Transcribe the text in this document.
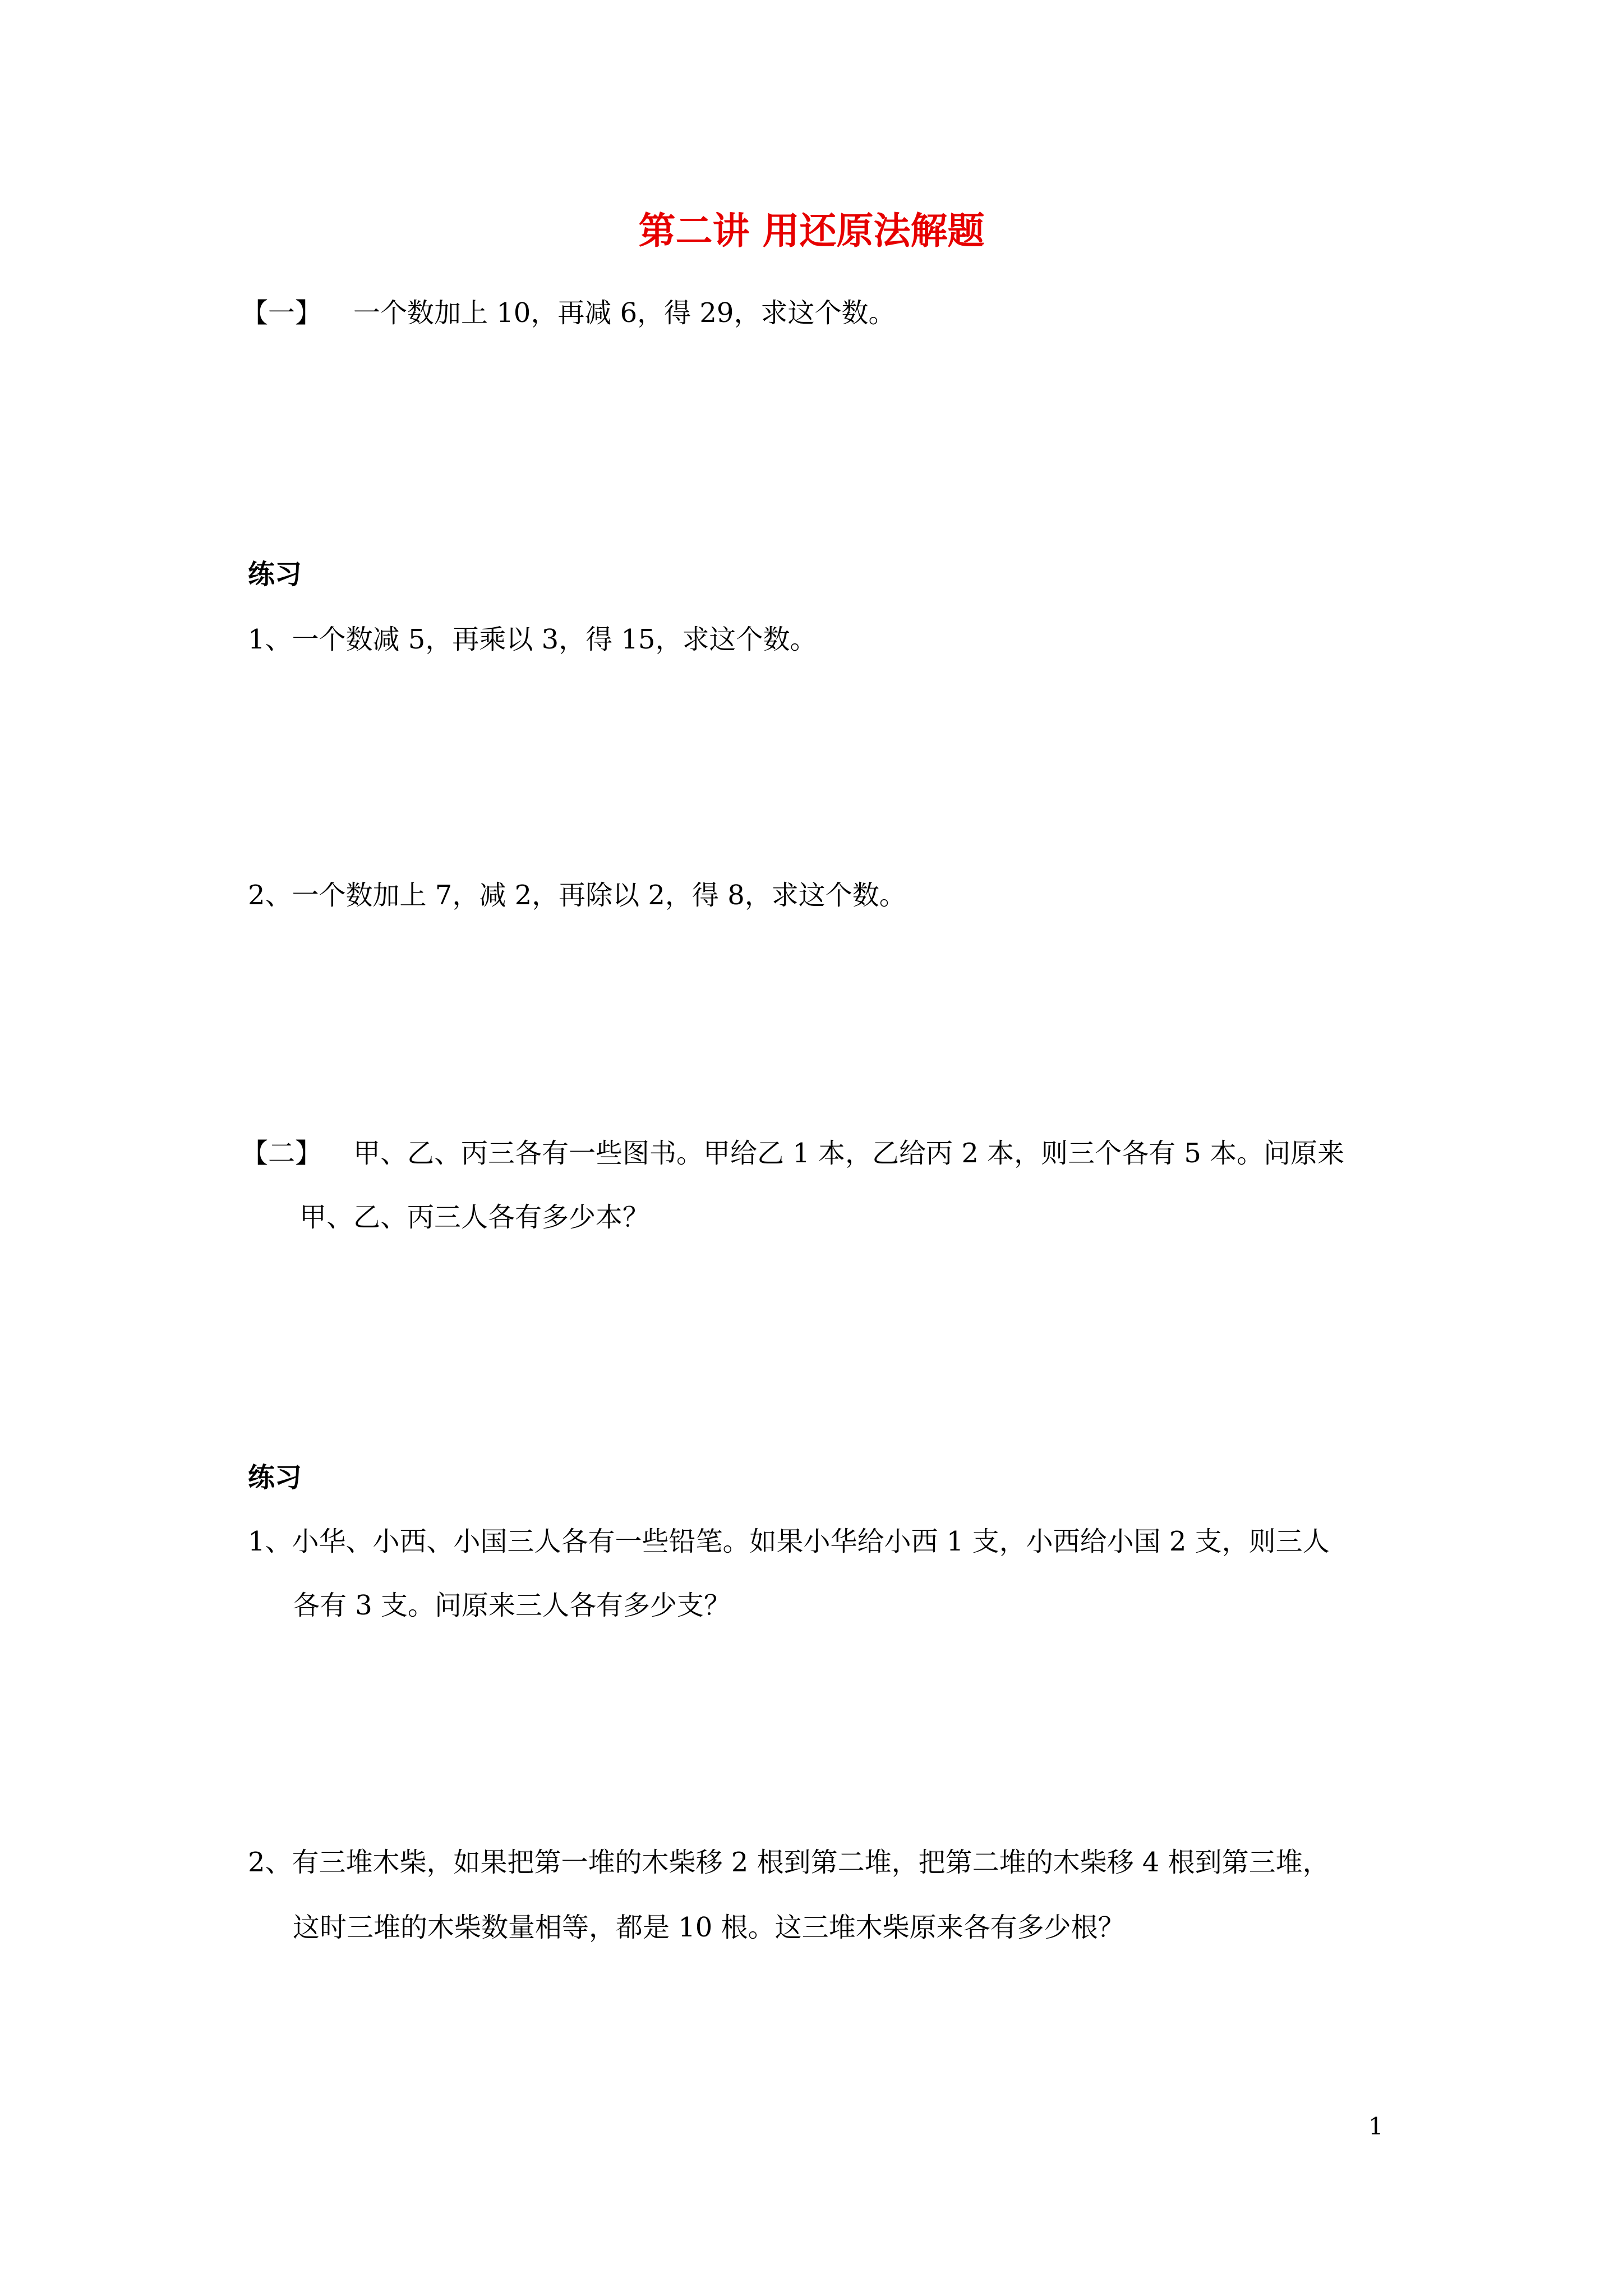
第二讲 用还原法解题
【一】 一个数加上 10，再减 6，得 29，求这个数。
练习
1、一个数减 5，再乘以 3，得 15，求这个数。
2、一个数加上 7，减 2，再除以 2，得 8，求这个数。
【二】 甲、乙、丙三各有一些图书。甲给乙 1 本，乙给丙 2 本，则三个各有 5 本。问原来
甲、乙、丙三人各有多少本？
练习
1、小华、小西、小国三人各有一些铅笔。如果小华给小西 1 支，小西给小国 2 支，则三人
各有 3 支。问原来三人各有多少支？
2、有三堆木柴，如果把第一堆的木柴移 2 根到第二堆，把第二堆的木柴移 4 根到第三堆，
这时三堆的木柴数量相等，都是 10 根。这三堆木柴原来各有多少根？
1
